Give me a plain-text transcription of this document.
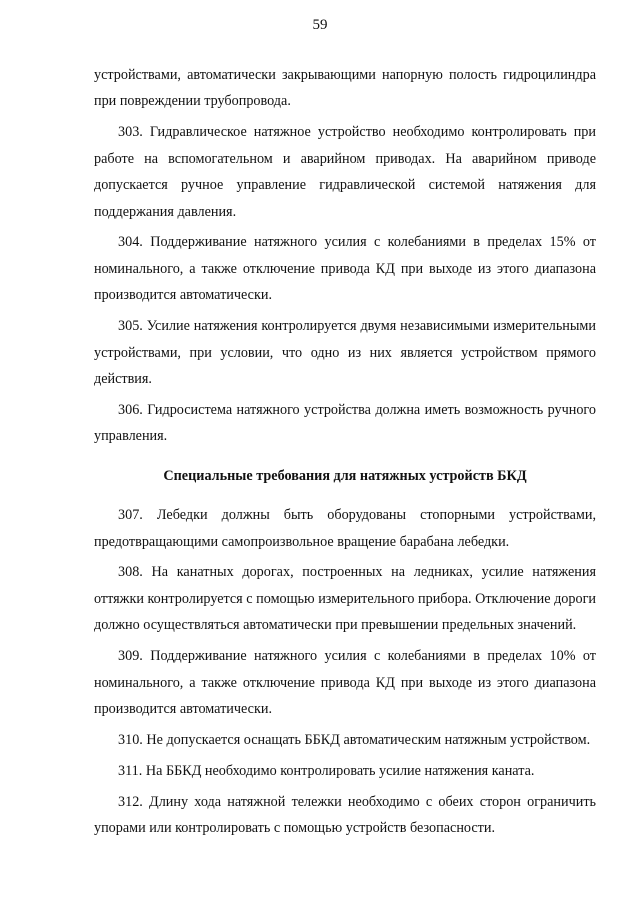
59

устройствами, автоматически закрывающими напорную полость гидроцилиндра при повреждении трубопровода.

303. Гидравлическое натяжное устройство необходимо контролировать при работе на вспомогательном и аварийном приводах. На аварийном приводе допускается ручное управление гидравлической системой натяжения для поддержания давления.

304. Поддерживание натяжного усилия с колебаниями в пределах 15% от номинального, а также отключение привода КД при выходе из этого диапазона производится автоматически.

305. Усилие натяжения контролируется двумя независимыми измерительными устройствами, при условии, что одно из них является устройством прямого действия.

306. Гидросистема натяжного устройства должна иметь возможность ручного управления.

Специальные требования для натяжных устройств БКД

307. Лебедки должны быть оборудованы стопорными устройствами, предотвращающими самопроизвольное вращение барабана лебедки.

308. На канатных дорогах, построенных на ледниках, усилие натяжения оттяжки контролируется с помощью измерительного прибора. Отключение дороги должно осуществляться автоматически при превышении предельных значений.

309. Поддерживание натяжного усилия с колебаниями в пределах 10% от номинального, а также отключение привода КД при выходе из этого диапазона производится автоматически.

310. Не допускается оснащать ББКД автоматическим натяжным устройством.

311. На ББКД необходимо контролировать усилие натяжения каната.

312. Длину хода натяжной тележки необходимо с обеих сторон ограничить упорами или контролировать с помощью устройств безопасности.
